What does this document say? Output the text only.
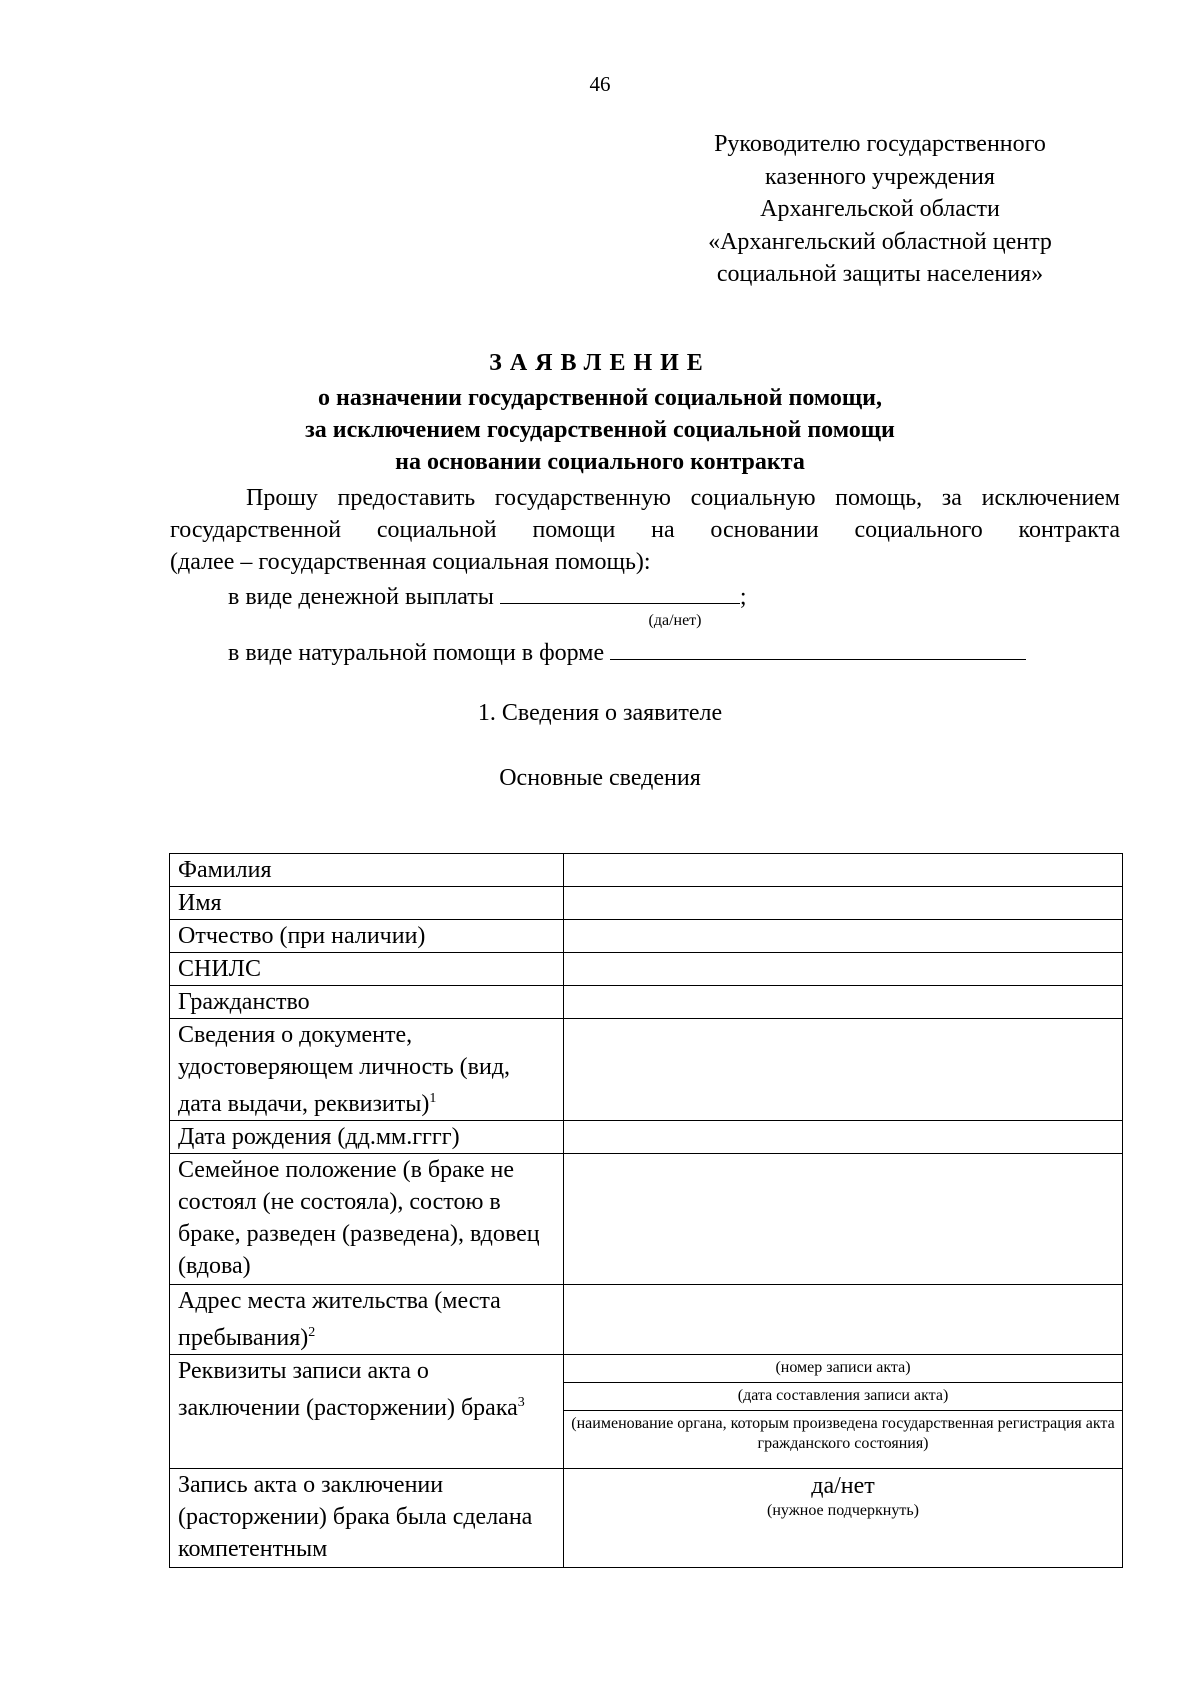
46
Руководителю государственного
казенного учреждения
Архангельской области
«Архангельский областной центр
социальной защиты населения»
ЗАЯВЛЕНИЕ
о назначении государственной социальной помощи,
за исключением государственной социальной помощи
на основании социального контракта
Прошу предоставить государственную социальную помощь, за исключением
государственной социальной помощи на основании социального контракта
(далее – государственная социальная помощь):
в виде денежной выплаты	;
(да/нет)
в виде натуральной помощи в форме
1. Сведения о заявителе
Основные сведения
Фамилия	
Имя	
Отчество (при наличии)	
СНИЛС	
Гражданство	
Сведения о документе, удостоверяющем личность (вид, дата выдачи, реквизиты)$^1$	
Дата рождения (дд.мм.гггг)	
Семейное положение (в браке не состоял (не состояла), состою в браке, разведен (разведена), вдовец (вдова)	
Адрес места жительства (места пребывания)$^2$	
Реквизиты записи акта о заключении (расторжении) брака$^3$	(номер записи акта)
(дата составления записи акта)
(наименование органа, которым произведена государственная регистрация акта гражданского состояния)

Запись акта о заключении (расторжении) брака была сделана компетентным	да/нет
(нужное подчеркнуть)
